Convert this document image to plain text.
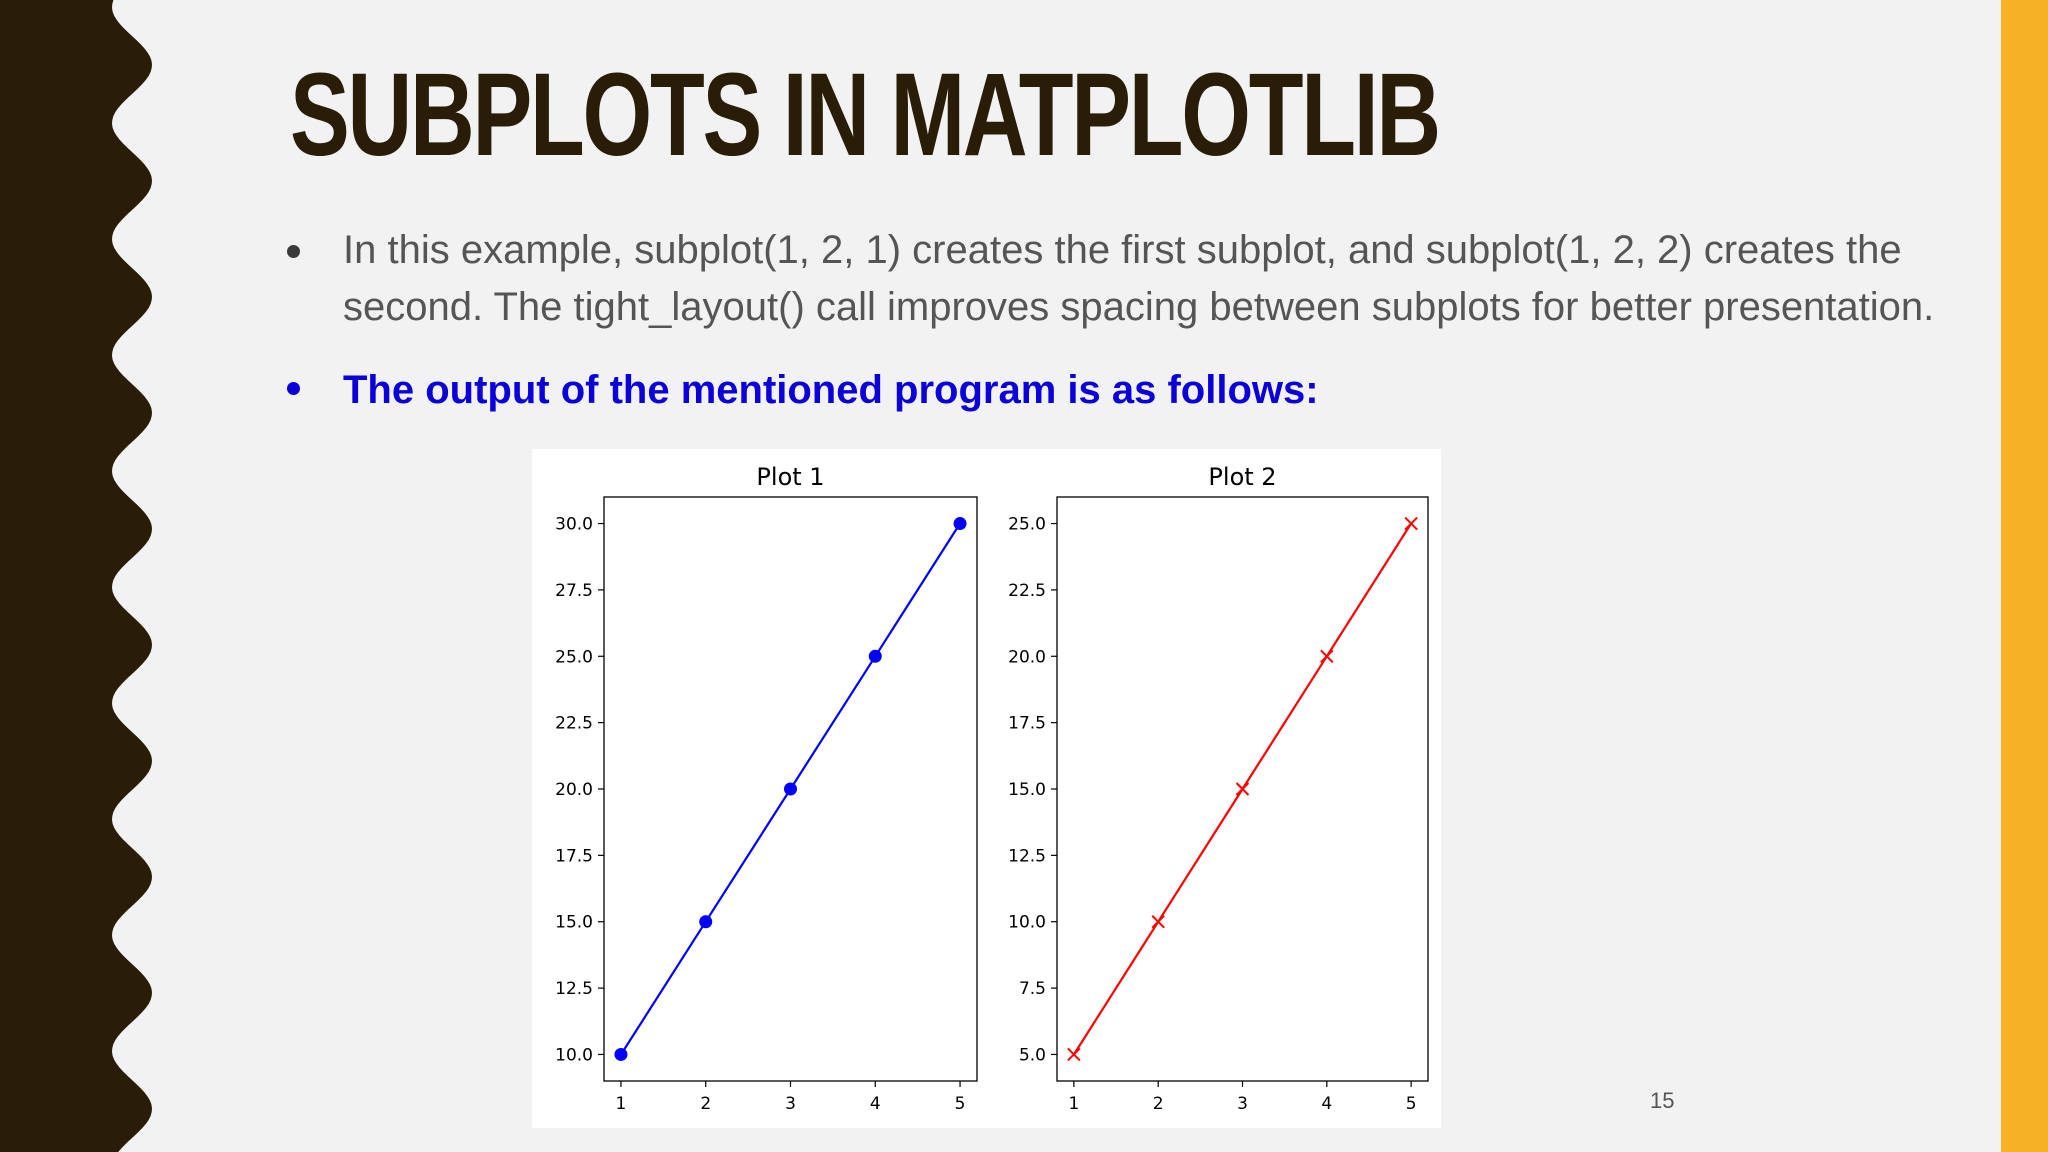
SUBPLOTS IN MATPLOTLIB

In this example, subplot(1, 2, 1) creates the first subplot, and subplot(1, 2, 2) creates the second. The tight_layout() call improves spacing between subplots for better presentation.

The output of the mentioned program is as follows:

Plot 1
10.0
12.5
15.0
17.5
20.0
22.5
25.0
27.5
30.0
1	2	3	4	5
Plot 2
5.0
7.5
10.0
12.5
15.0
17.5
20.0
22.5
25.0
1	2	3	4	5	15
